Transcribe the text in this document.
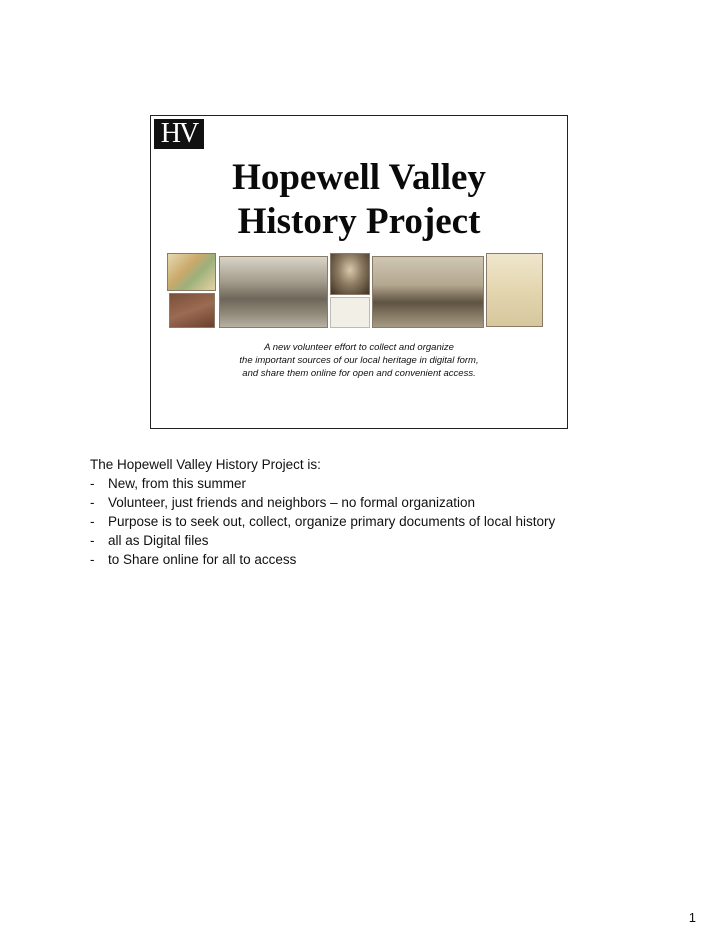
HV
Hopewell Valley
History Project
A new volunteer effort to collect and organize
the important sources of our local heritage in digital form,
and share them online for open and convenient access.
The Hopewell Valley History Project is:
- New, from this summer
- Volunteer, just friends and neighbors – no formal organization
- Purpose is to seek out, collect, organize primary documents of local history
- all as Digital files
- to Share online for all to access
1
